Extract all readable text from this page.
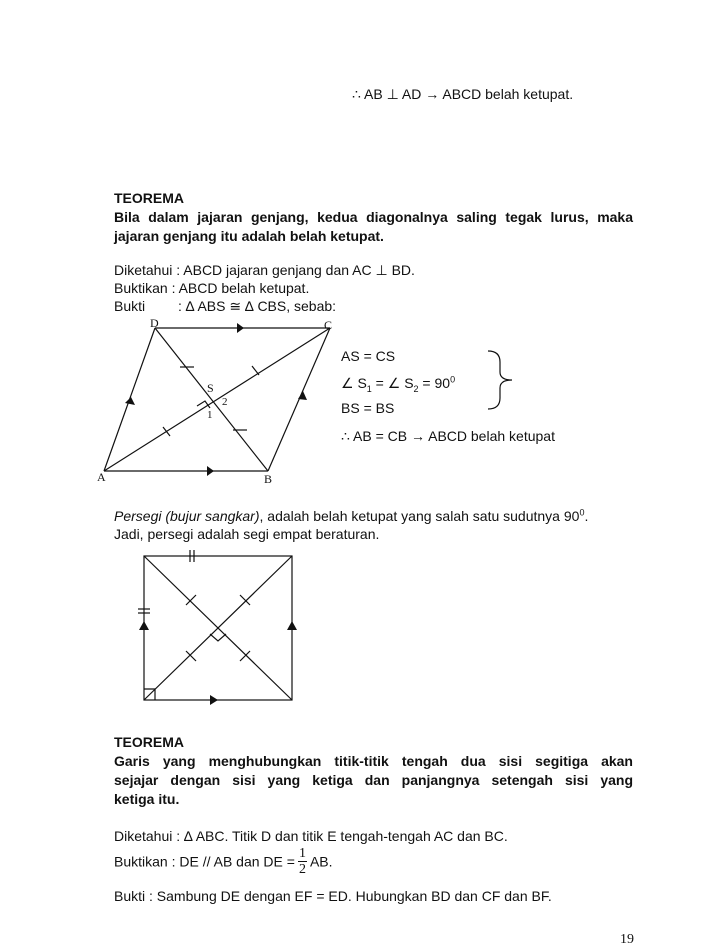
∴ AB ⊥ AD → ABCD belah ketupat.
TEOREMA
Bila dalam jajaran genjang, kedua diagonalnya saling tegak lurus, maka
jajaran genjang itu adalah belah ketupat.
Diketahui : ABCD jajaran genjang dan AC ⊥ BD.
Buktikan : ABCD belah ketupat.
Bukti : ∆ ABS ≅ ∆ CBS, sebab:
A	B
C
D
S
1
2
AS = CS
∠ $S_1$ = ∠ $S_2 = 90^0$
BS = BS
∴ AB = CB → ABCD belah ketupat
Persegi (bujur sangkar), adalah belah ketupat yang salah satu sudutnya $90^0$.
Jadi, persegi adalah segi empat beraturan.
TEOREMA
Garis yang menghubungkan titik-titik tengah dua sisi segitiga akan
sejajar dengan sisi yang ketiga dan panjangnya setengah sisi yang
ketiga itu.
Diketahui : ∆ ABC. Titik D dan titik E tengah-tengah AC dan BC.
Buktikan : DE // AB dan DE = $\frac{1}{2}$ AB.
Bukti : Sambung DE dengan EF = ED. Hubungkan BD dan CF dan BF.
19
